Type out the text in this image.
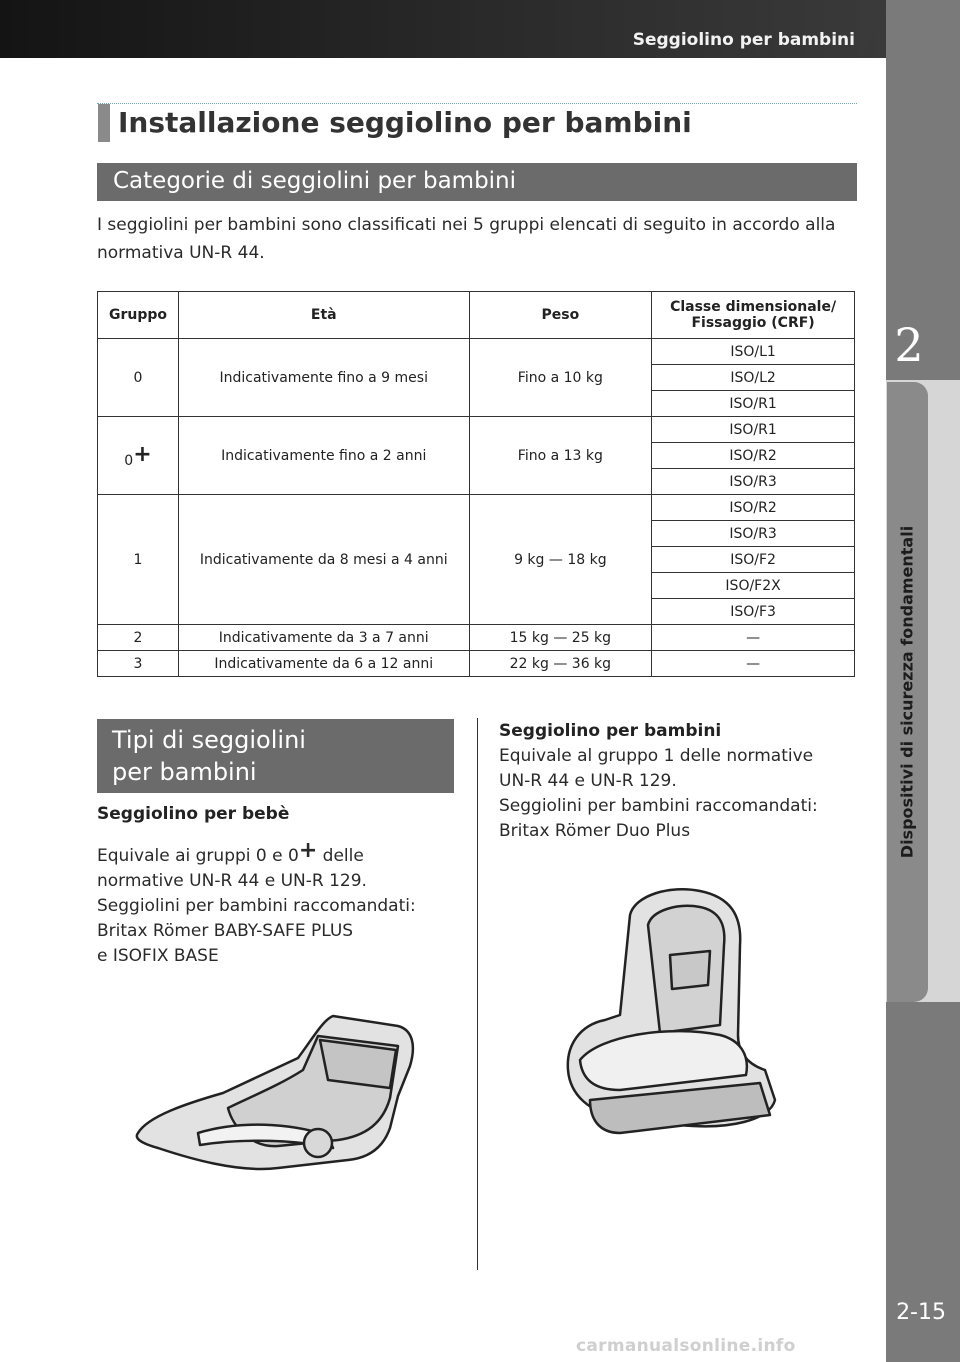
Seggiolino per bambini
2
Dispositivi di sicurezza fondamentali
2-15
Installazione seggiolino per bambini
Categorie di seggiolini per bambini
I seggiolini per bambini sono classificati nei 5 gruppi elencati di seguito in accordo alla normativa UN-R 44.
Gruppo	Età	Peso	Classe dimensionale/
Fissaggio (CRF)
0	Indicativamente fino a 9 mesi	Fino a 10 kg	ISO/L1
			ISO/L2
			ISO/R1
0+	Indicativamente fino a 2 anni	Fino a 13 kg	ISO/R1
			ISO/R2
			ISO/R3
1	Indicativamente da 8 mesi a 4 anni	9 kg — 18 kg	ISO/R2
			ISO/R3
			ISO/F2
			ISO/F2X
			ISO/F3
2	Indicativamente da 3 a 7 anni	15 kg — 25 kg	—
3	Indicativamente da 6 a 12 anni	22 kg — 36 kg	—
Tipi di seggiolini
per bambini
Seggiolino per bebè
Equivale ai gruppi 0 e 0+ delle
normative UN-R 44 e UN-R 129.
Seggiolini per bambini raccomandati:
Britax Römer BABY-SAFE PLUS
e ISOFIX BASE
Seggiolino per bambini
Equivale al gruppo 1 delle normative
UN-R 44 e UN-R 129.
Seggiolini per bambini raccomandati:
Britax Römer Duo Plus
carmanualsonline.info
